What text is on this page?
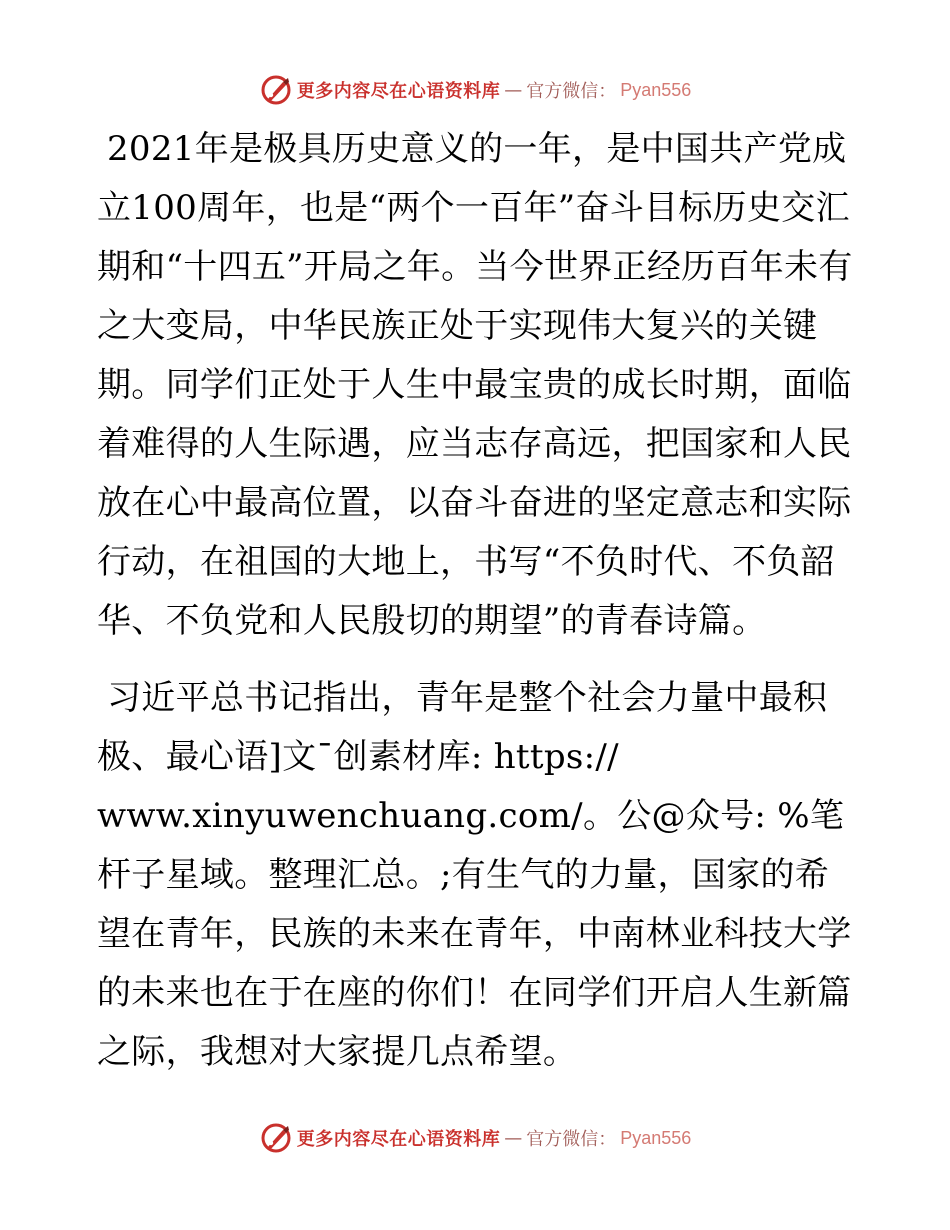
更多内容尽在心语资料库 — 官方微信： Pyan556

2021年是极具历史意义的一年，是中国共产党成立100周年，也是“两个一百年”奋斗目标历史交汇期和“十四五”开局之年。当今世界正经历百年未有之大变局，中华民族正处于实现伟大复兴的关键期。同学们正处于人生中最宝贵的成长时期，面临着难得的人生际遇，应当志存高远，把国家和人民放在心中最高位置，以奋斗奋进的坚定意志和实际行动，在祖国的大地上，书写“不负时代、不负韶华、不负党和人民殷切的期望”的青春诗篇。

习近平总书记指出，青年是整个社会力量中最积极、最心语]文¯创素材库: https://
www.xinyuwenchuang.com/。公@众号: %笔杆子星域。整理汇总。;有生气的力量，国家的希望在青年，民族的未来在青年，中南林业科技大学的未来也在于在座的你们！在同学们开启人生新篇之际，我想对大家提几点希望。

更多内容尽在心语资料库 — 官方微信： Pyan556
